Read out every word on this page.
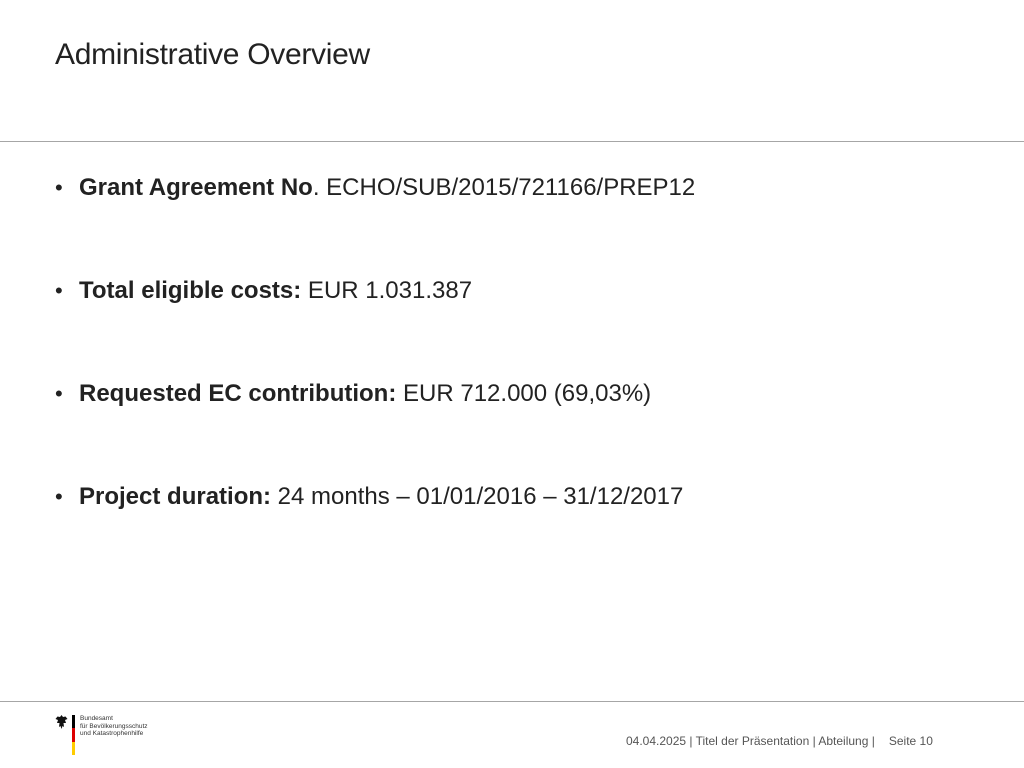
Administrative Overview
• Grant Agreement No. ECHO/SUB/2015/721166/PREP12
• Total eligible costs: EUR 1.031.387
• Requested EC contribution: EUR 712.000 (69,03%)
• Project duration: 24 months – 01/01/2016 – 31/12/2017
Bundesamt
für Bevölkerungsschutz
und Katastrophenhilfe
04.04.2025 | Titel der Präsentation | Abteilung | Seite 10
